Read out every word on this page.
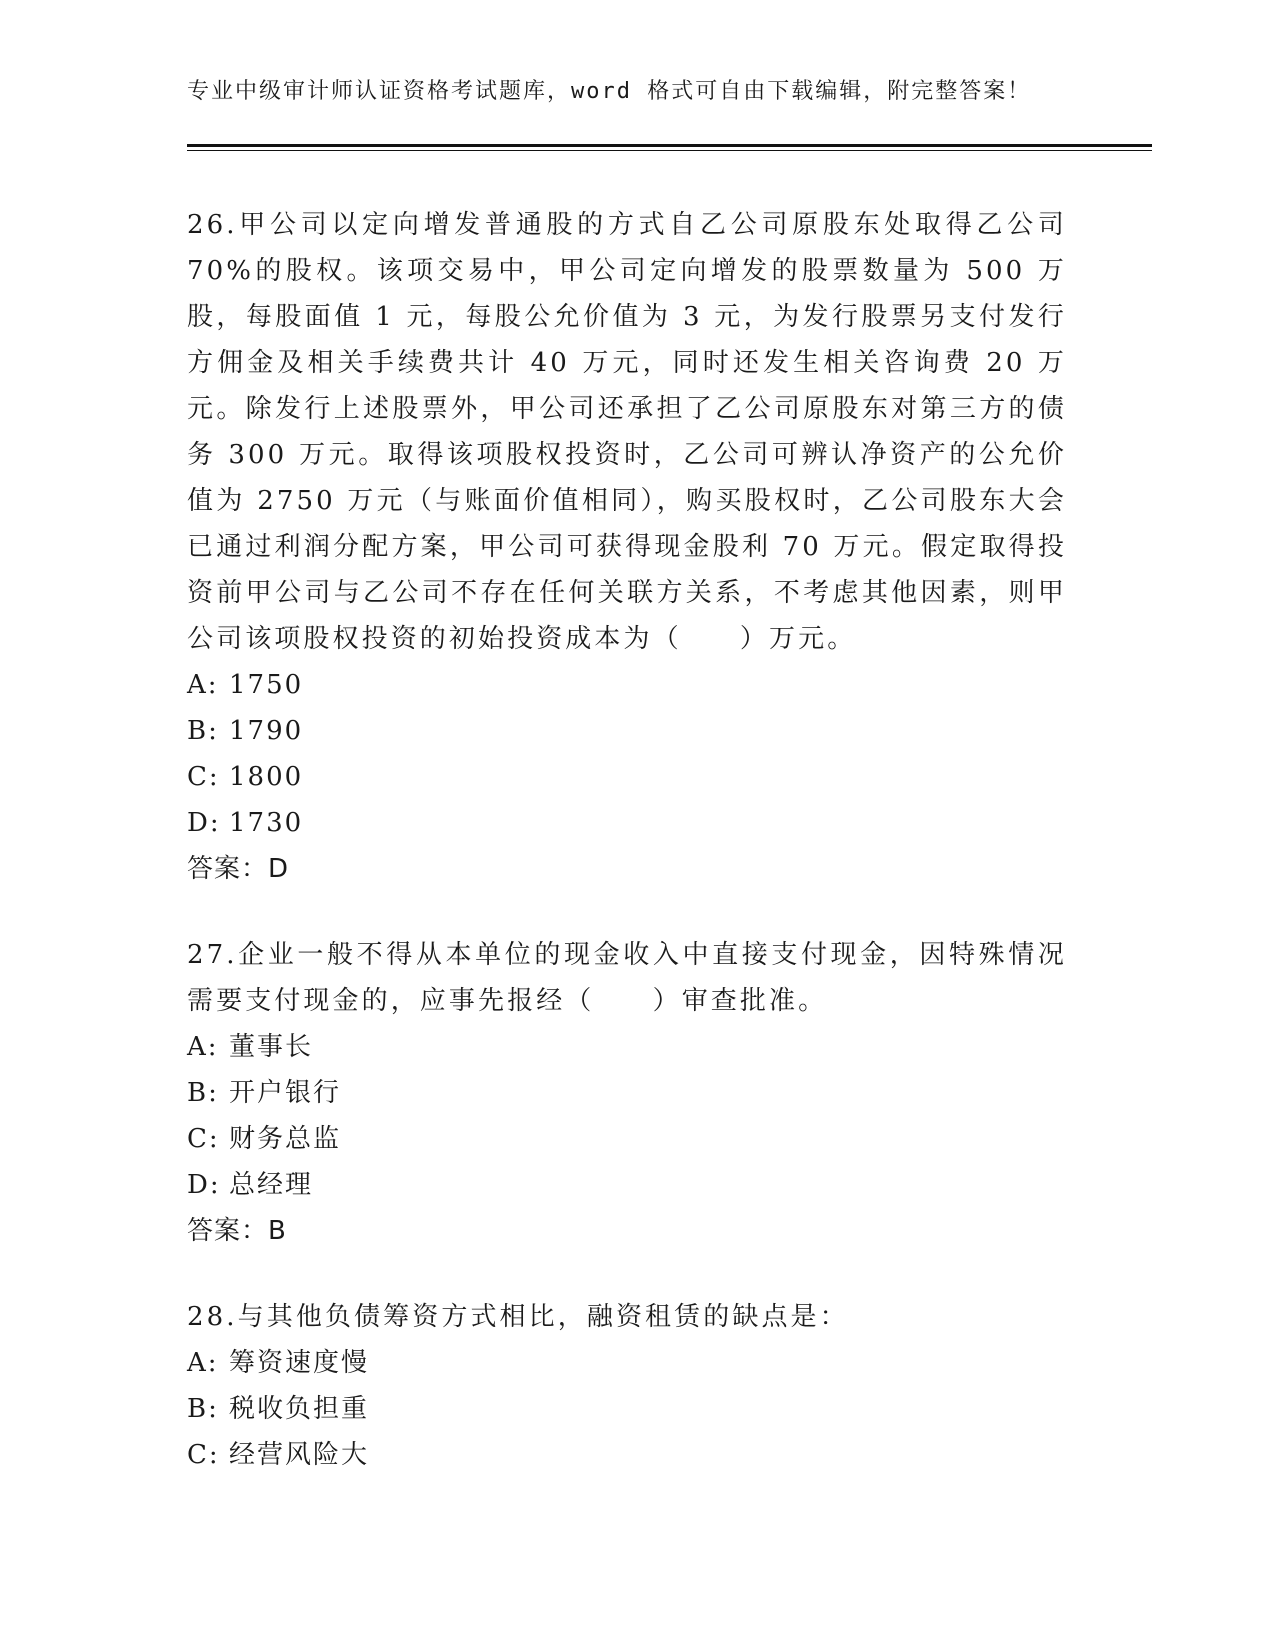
专业中级审计师认证资格考试题库，word 格式可自由下载编辑，附完整答案！
26.甲公司以定向增发普通股的方式自乙公司原股东处取得乙公司 70%的股权。该项交易中，甲公司定向增发的股票数量为 500 万股，每股面值 1 元，每股公允价值为 3 元，为发行股票另支付发行方佣金及相关手续费共计 40 万元，同时还发生相关咨询费 20 万元。除发行上述股票外，甲公司还承担了乙公司原股东对第三方的债务 300 万元。取得该项股权投资时，乙公司可辨认净资产的公允价值为 2750 万元（与账面价值相同），购买股权时，乙公司股东大会已通过利润分配方案，甲公司可获得现金股利 70 万元。假定取得投资前甲公司与乙公司不存在任何关联方关系，不考虑其他因素，则甲公司该项股权投资的初始投资成本为（　　）万元。
A: 1750
B: 1790
C: 1800
D: 1730
答案：D
27.企业一般不得从本单位的现金收入中直接支付现金，因特殊情况需要支付现金的，应事先报经（　　）审查批准。
A: 董事长
B: 开户银行
C: 财务总监
D: 总经理
答案：B
28.与其他负债筹资方式相比，融资租赁的缺点是：
A: 筹资速度慢
B: 税收负担重
C: 经营风险大
